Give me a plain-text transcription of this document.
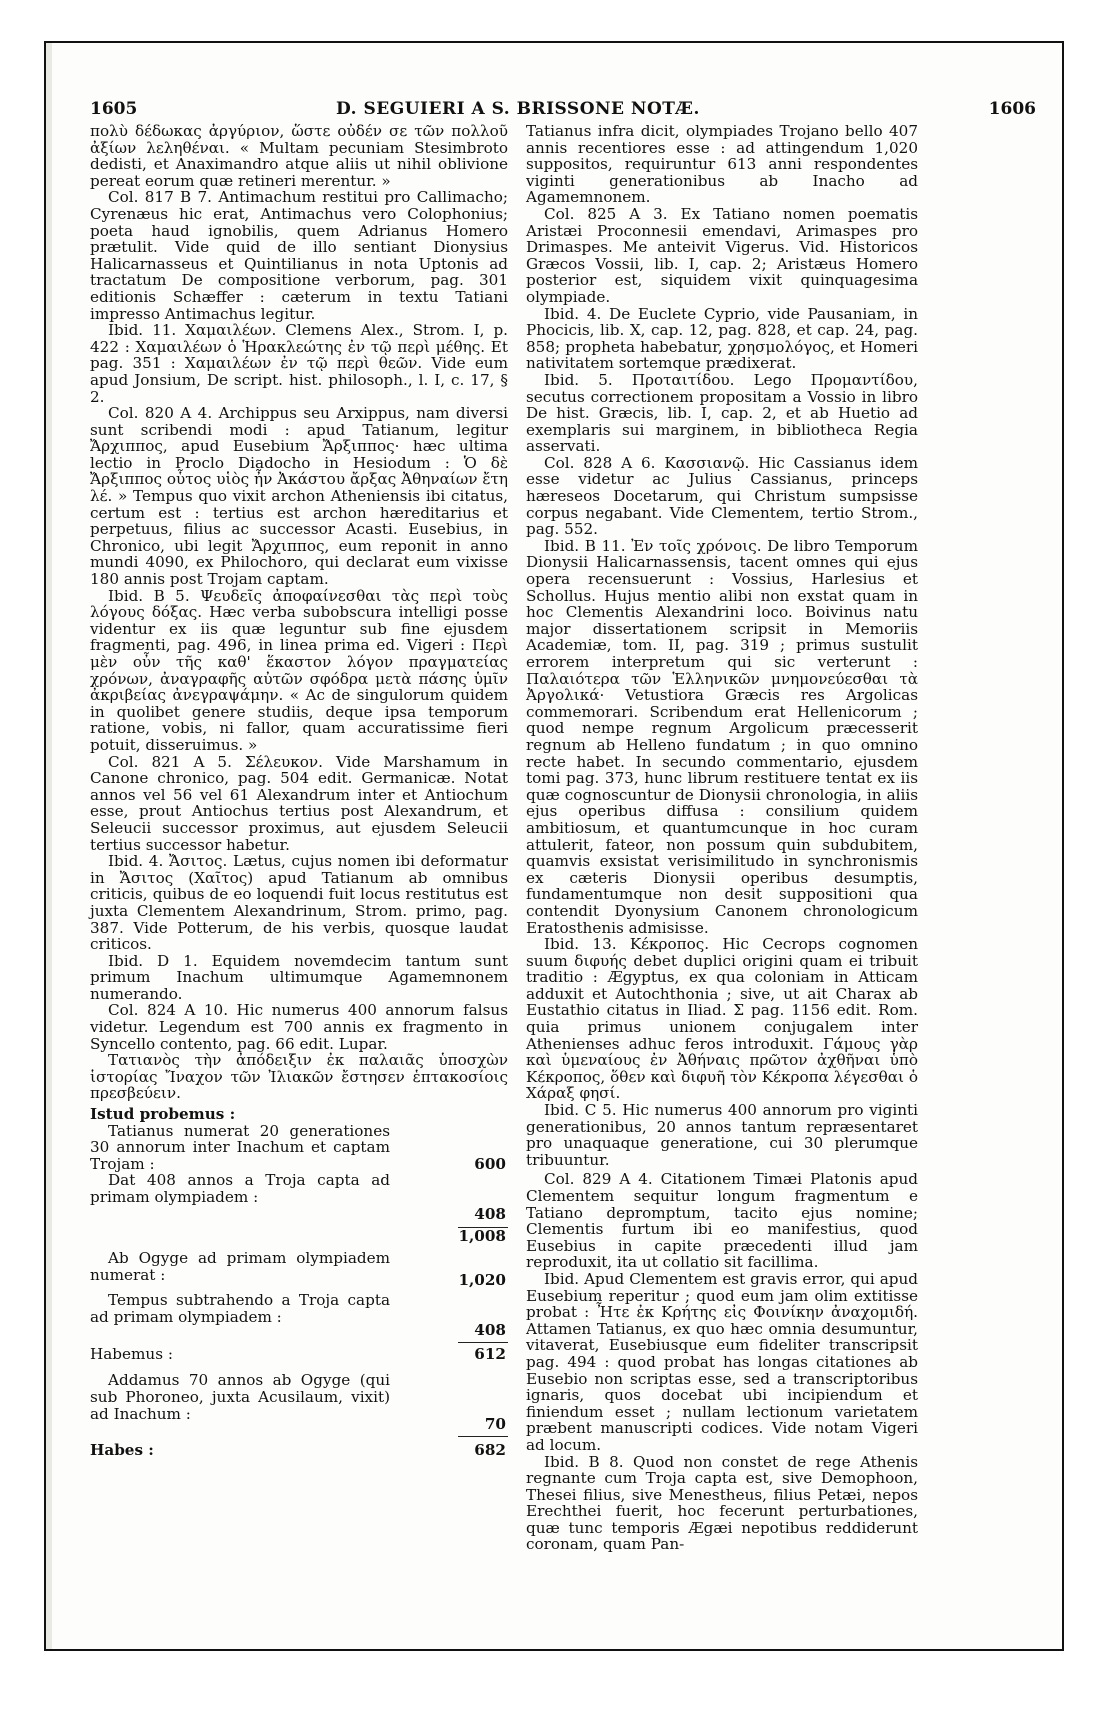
1605	D. SEGUIERI A S. BRISSONE NOTÆ.	1606

πολὺ δέδωκας ἀργύριον, ὥστε οὐδέν σε τῶν πολλοῦ ἀξίων λεληθέναι. « Multam pecuniam Stesimbroto dedisti, et Anaximandro atque aliis ut nihil oblivione pereat eorum quæ retineri merentur. »

Col. 817 B 7. Antimachum restitui pro Callimacho; Cyrenæus hic erat, Antimachus vero Colophonius; poeta haud ignobilis, quem Adrianus Homero prætulit. Vide quid de illo sentiant Dionysius Halicarnasseus et Quintilianus in nota Uptonis ad tractatum De compositione verborum, pag. 301 editionis Schæffer : cæterum in textu Tatiani impresso Antimachus legitur.

Ibid. 11. Χαμαιλέων. Clemens Alex., Strom. I, p. 422 : Χαμαιλέων ὁ Ἡρακλεώτης ἐν τῷ περὶ μέθης. Et pag. 351 : Χαμαιλέων ἐν τῷ περὶ θεῶν. Vide eum apud Jonsium, De script. hist. philosoph., l. I, c. 17, § 2.

Col. 820 A 4. Archippus seu Arxippus, nam diversi sunt scribendi modi : apud Tatianum, legitur Ἄρχιππος, apud Eusebium Ἄρξιππος· hæc ultima lectio in Proclo Diadocho in Hesiodum : Ὁ δὲ Ἄρξιππος οὗτος υἱὸς ἦν Ἀκάστου ἄρξας Ἀθηναίων ἔτη λέ. » Tempus quo vixit archon Atheniensis ibi citatus, certum est : tertius est archon hæreditarius et perpetuus, filius ac successor Acasti. Eusebius, in Chronico, ubi legit Ἄρχιππος, eum reponit in anno mundi 4090, ex Philochoro, qui declarat eum vixisse 180 annis post Trojam captam.

Ibid. B 5. Ψευδεῖς ἀποφαίνεσθαι τὰς περὶ τοὺς λόγους δόξας. Hæc verba subobscura intelligi posse videntur ex iis quæ leguntur sub fine ejusdem fragmenti, pag. 496, in linea prima ed. Vigeri : Περὶ μὲν οὖν τῆς καθ' ἕκαστον λόγον πραγματείας χρόνων, ἀναγραφῆς αὐτῶν σφόδρα μετὰ πάσης ὑμῖν ἀκριβείας ἀνεγραψάμην. « Ac de singulorum quidem in quolibet genere studiis, deque ipsa temporum ratione, vobis, ni fallor, quam accuratissime fieri potuit, disseruimus. »

Col. 821 A 5. Σέλευκον. Vide Marshamum in Canone chronico, pag. 504 edit. Germanicæ. Notat annos vel 56 vel 61 Alexandrum inter et Antiochum esse, prout Antiochus tertius post Alexandrum, et Seleucii successor proximus, aut ejusdem Seleucii tertius successor habetur.

Ibid. 4. Ἄσιτος. Lætus, cujus nomen ibi deformatur in Ἄσιτος (Χαῖτος) apud Tatianum ab omnibus criticis, quibus de eo loquendi fuit locus restitutus est juxta Clementem Alexandrinum, Strom. primo, pag. 387. Vide Potterum, de his verbis, quosque laudat criticos.

Ibid. D 1. Equidem novemdecim tantum sunt primum Inachum ultimumque Agamemnonem numerando.

Col. 824 A 10. Hic numerus 400 annorum falsus videtur. Legendum est 700 annis ex fragmento in Syncello contento, pag. 66 edit. Lupar.

Τατιανὸς τὴν ἀπόδειξιν ἐκ παλαιᾶς ὑποσχὼν ἱστορίας Ἴναχον τῶν Ἰλιακῶν ἔστησεν ἑπτακοσίοις πρεσβεύειν.

Istud probemus :
Tatianus numerat 20 generationes 30 annorum inter Inachum et captam Trojam :	600
Dat 408 annos a Troja capta ad primam olympiadem :
408
1,008
Ab Ogyge ad primam olympiadem numerat :	1,020
Tempus subtrahendo a Troja capta ad primam olympiadem :
408
Habemus :	612
Addamus 70 annos ab Ogyge (qui sub Phoroneo, juxta Acusilaum, vixit) ad Inachum :
70
Habes :	682

Tatianus infra dicit, olympiades Trojano bello 407 annis recentiores esse : ad attingendum 1,020 suppositos, requiruntur 613 anni respondentes viginti generationibus ab Inacho ad Agamemnonem.

Col. 825 A 3. Ex Tatiano nomen poematis Aristæi Proconnesii emendavi, Arimaspes pro Drimaspes. Me anteivit Vigerus. Vid. Historicos Græcos Vossii, lib. I, cap. 2; Aristæus Homero posterior est, siquidem vixit quinquagesima olympiade.

Ibid. 4. De Euclete Cyprio, vide Pausaniam, in Phocicis, lib. X, cap. 12, pag. 828, et cap. 24, pag. 858; propheta habebatur, χρησμολόγος, et Homeri nativitatem sortemque prædixerat.

Ibid. 5. Προταιτίδου. Lego Προμαντίδου, secutus correctionem propositam a Vossio in libro De hist. Græcis, lib. I, cap. 2, et ab Huetio ad exemplaris sui marginem, in bibliotheca Regia asservati.

Col. 828 A 6. Κασσιανῷ. Hic Cassianus idem esse videtur ac Julius Cassianus, princeps hæreseos Docetarum, qui Christum sumpsisse corpus negabant. Vide Clementem, tertio Strom., pag. 552.

Ibid. B 11. Ἐν τοῖς χρόνοις. De libro Temporum Dionysii Halicarnassensis, tacent omnes qui ejus opera recensuerunt : Vossius, Harlesius et Schollus. Hujus mentio alibi non exstat quam in hoc Clementis Alexandrini loco. Boivinus natu major dissertationem scripsit in Memoriis Academiæ, tom. II, pag. 319 ; primus sustulit errorem interpretum qui sic verterunt : Παλαιότερα τῶν Ἑλληνικῶν μνημονεύεσθαι τὰ Ἀργολικά· Vetustiora Græcis res Argolicas commemorari. Scribendum erat Hellenicorum ; quod nempe regnum Argolicum præcesserit regnum ab Helleno fundatum ; in quo omnino recte habet. In secundo commentario, ejusdem tomi pag. 373, hunc librum restituere tentat ex iis quæ cognoscuntur de Dionysii chronologia, in aliis ejus operibus diffusa : consilium quidem ambitiosum, et quantumcunque in hoc curam attulerit, fateor, non possum quin subdubitem, quamvis exsistat verisimilitudo in synchronismis ex cæteris Dionysii operibus desumptis, fundamentumque non desit suppositioni qua contendit Dyonysium Canonem chronologicum Eratosthenis admisisse.

Ibid. 13. Κέκροπος. Hic Cecrops cognomen suum διφυής debet duplici origini quam ei tribuit traditio : Ægyptus, ex qua coloniam in Atticam adduxit et Autochthonia ; sive, ut ait Charax ab Eustathio citatus in Iliad. Σ pag. 1156 edit. Rom. quia primus unionem conjugalem inter Athenienses adhuc feros introduxit. Γάμους γὰρ καὶ ὑμεναίους ἐν Ἀθήναις πρῶτον ἀχθῆναι ὑπὸ Κέκροπος, ὅθεν καὶ διφυῆ τὸν Κέκροπα λέγεσθαι ὁ Χάραξ φησί.

Ibid. C 5. Hic numerus 400 annorum pro viginti generationibus, 20 annos tantum repræsentaret pro unaquaque generatione, cui 30 plerumque tribuuntur.

Col. 829 A 4. Citationem Timæi Platonis apud Clementem sequitur longum fragmentum e Tatiano depromptum, tacito ejus nomine; Clementis furtum ibi eo manifestius, quod Eusebius in capite præcedenti illud jam reproduxit, ita ut collatio sit facillima.

Ibid. Apud Clementem est gravis error, qui apud Eusebium reperitur ; quod eum jam olim extitisse probat : Ἦτε ἐκ Κρήτης εἰς Φοινίκην ἀναχομιδή. Attamen Tatianus, ex quo hæc omnia desumuntur, vitaverat, Eusebiusque eum fideliter transcripsit pag. 494 : quod probat has longas citationes ab Eusebio non scriptas esse, sed a transcriptoribus ignaris, quos docebat ubi incipiendum et finiendum esset ; nullam lectionum varietatem præbent manuscripti codices. Vide notam Vigeri ad locum.

Ibid. B 8. Quod non constet de rege Athenis regnante cum Troja capta est, sive Demophoon, Thesei filius, sive Menestheus, filius Petæi, nepos Erechthei fuerit, hoc fecerunt perturbationes, quæ tunc temporis Ægæi nepotibus reddiderunt coronam, quam Pan-
